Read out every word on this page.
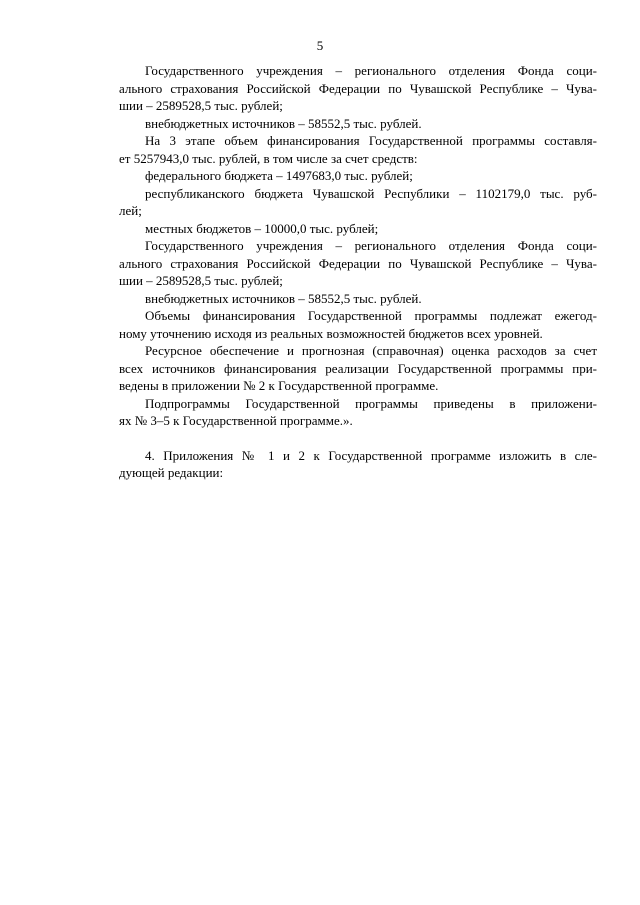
5
Государственного учреждения – регионального отделения Фонда соци-
ального страхования Российской Федерации по Чувашской Республике – Чува-
шии – 2589528,5 тыс. рублей;
внебюджетных источников – 58552,5 тыс. рублей.
На 3 этапе объем финансирования Государственной программы составля-
ет 5257943,0 тыс. рублей, в том числе за счет средств:
федерального бюджета – 1497683,0 тыс. рублей;
республиканского бюджета Чувашской Республики – 1102179,0 тыс. руб-
лей;
местных бюджетов – 10000,0 тыс. рублей;
Государственного учреждения – регионального отделения Фонда соци-
ального страхования Российской Федерации по Чувашской Республике – Чува-
шии – 2589528,5 тыс. рублей;
внебюджетных источников – 58552,5 тыс. рублей.
Объемы финансирования Государственной программы подлежат ежегод-
ному уточнению исходя из реальных возможностей бюджетов всех уровней.
Ресурсное обеспечение и прогнозная (справочная) оценка расходов за счет
всех источников финансирования реализации Государственной программы при-
ведены в приложении № 2 к Государственной программе.
Подпрограммы Государственной программы приведены в приложени-
ях № 3–5 к Государственной программе.».
4. Приложения № 1 и 2 к Государственной программе изложить в сле-
дующей редакции:
